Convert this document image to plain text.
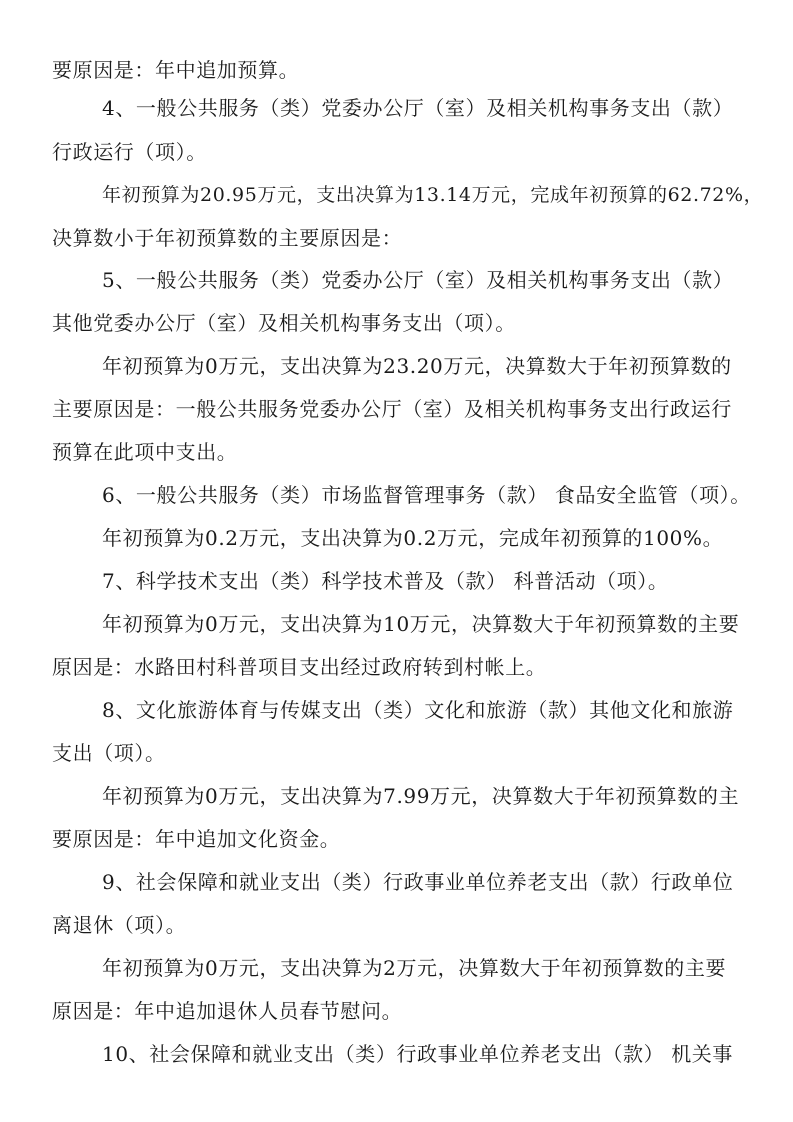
要原因是：年中追加预算。
4、一般公共服务（类）党委办公厅（室）及相关机构事务支出（款）
行政运行（项）。
年初预算为20.95万元，支出决算为13.14万元，完成年初预算的62.72%，
决算数小于年初预算数的主要原因是：
5、一般公共服务（类）党委办公厅（室）及相关机构事务支出（款）
其他党委办公厅（室）及相关机构事务支出（项）。
年初预算为0万元，支出决算为23.20万元，决算数大于年初预算数的
主要原因是：一般公共服务党委办公厅（室）及相关机构事务支出行政运行
预算在此项中支出。
6、一般公共服务（类）市场监督管理事务（款） 食品安全监管（项）。
年初预算为0.2万元，支出决算为0.2万元，完成年初预算的100%。
7、科学技术支出（类）科学技术普及（款） 科普活动（项）。
年初预算为0万元，支出决算为10万元，决算数大于年初预算数的主要
原因是：水路田村科普项目支出经过政府转到村帐上。
8、文化旅游体育与传媒支出（类）文化和旅游（款）其他文化和旅游
支出（项）。
年初预算为0万元，支出决算为7.99万元，决算数大于年初预算数的主
要原因是：年中追加文化资金。
9、社会保障和就业支出（类）行政事业单位养老支出（款）行政单位
离退休（项）。
年初预算为0万元，支出决算为2万元，决算数大于年初预算数的主要
原因是：年中追加退休人员春节慰问。
10、社会保障和就业支出（类）行政事业单位养老支出（款） 机关事
